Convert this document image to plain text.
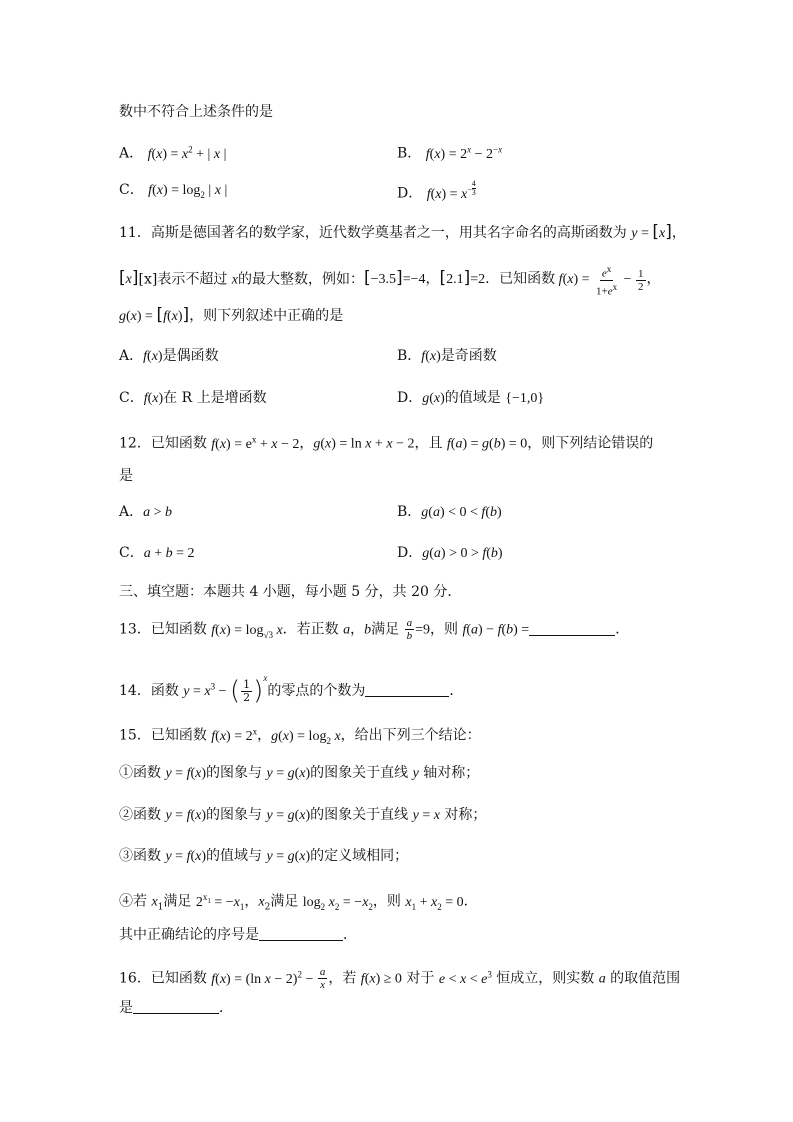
数中不符合上述条件的是
A． $f(x) = x^2$ + | x |	B． $f(x) = 2^x - 2^{-x}$
C． $f(x) = \log_2$ | x |	D． $f(x) = x^{- \frac{4}{3}}$
11．高斯是德国著名的数学家，近代数学奠基者之一，用其名字命名的高斯函数为 y = [x]，
[x][x]表示不超过 x的最大整数，例如：[−3.5]=−4，[2.1]=2．已知函数 $f(x) = \frac{e^x}{1+e^x} - \frac{1}{2}$ ，
g(x) = [f(x)]，则下列叙述中正确的是
A．f(x)是偶函数	B．f(x)是奇函数
C．f(x)在 R 上是增函数	D．g(x)的值域是 {−1,0}
12．已知函数 $f(x) = e^x + x - 2$，g(x) = ln x + x − 2，且 f(a) = g(b) = 0，则下列结论错误的
是
A．a > b	B．g(a) < 0 < f(b)
C．a + b = 2	D．g(a) > 0 > f(b)
三、填空题：本题共 4 小题，每小题 5 分，共 20 分．
13．已知函数 $f(x) = \log_{√3} x$．若正数 a，b满足 $\frac{a}{b} =9$，则 f(a) − f(b) =	．
14．函数 $y = x^3$ − ( $\frac{1}{2} )^x$的零点的个数为	．
15．已知函数 $f(x) = 2^x$，$g(x) = \log_2 x$，给出下列三个结论：
①函数 y = f(x)的图象与 y = g(x)的图象关于直线 y 轴对称；
②函数 y = f(x)的图象与 y = g(x)的图象关于直线 y = x 对称；
③函数 y = f(x)的值域与 y = g(x)的定义域相同；
④若 $x_1$满足 $2^{x_1} = -x_1$，$x_2$满足 $\log_2 x_2 = -x_2$，则 $x_1 + x_2 = 0$．
其中正确结论的序号是	．
16．已知函数 f(x) = (ln $x - 2)^2 - \frac{a}{x}$ ，若 f(x) ≥ 0 对于 $e < x < e^3$ 恒成立，则实数 a 的取值范围
是	．
